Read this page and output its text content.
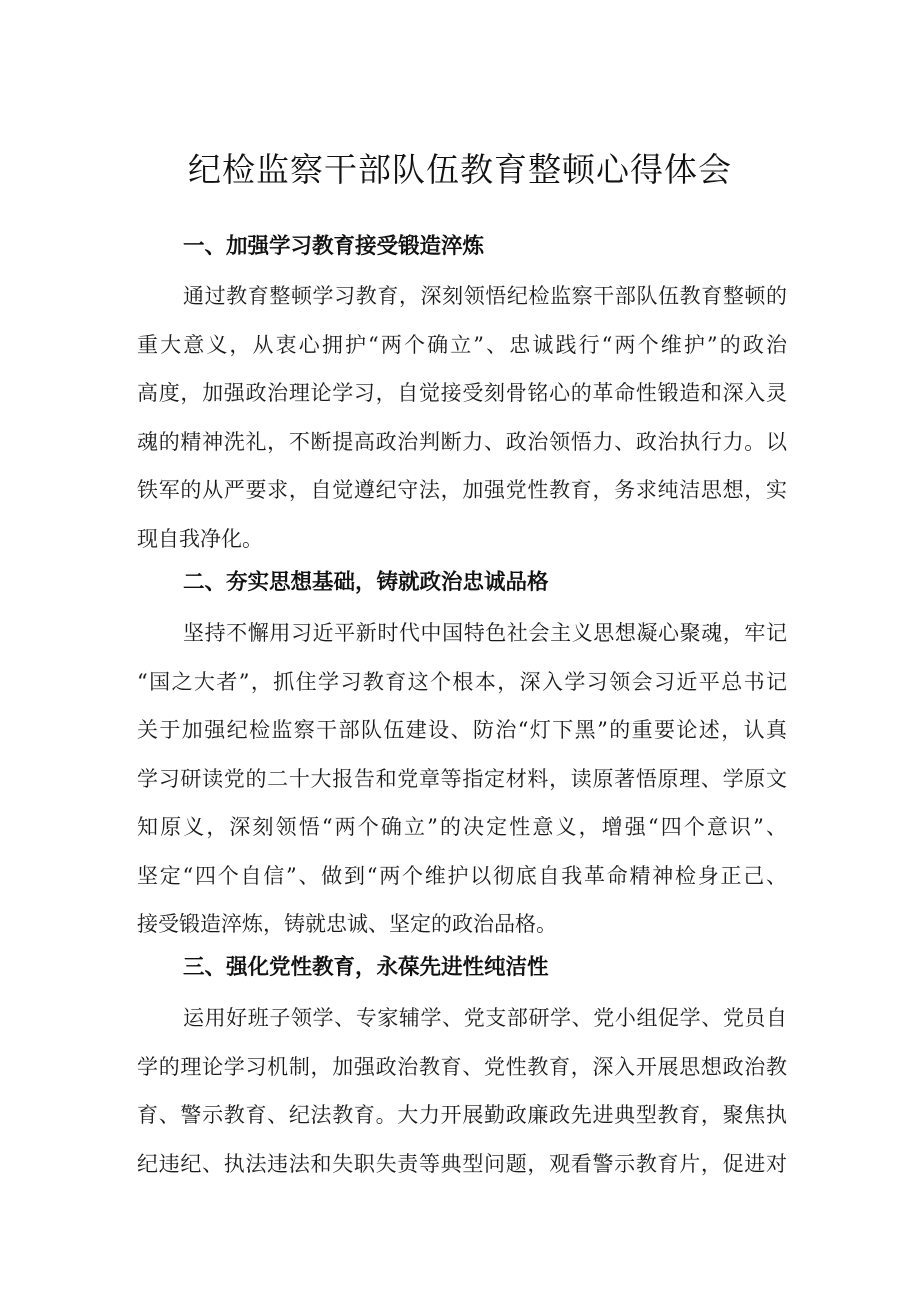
纪检监察干部队伍教育整顿心得体会
一、加强学习教育接受锻造淬炼

通过教育整顿学习教育，深刻领悟纪检监察干部队伍教育整顿的
重大意义，从衷心拥护“两个确立”、忠诚践行“两个维护”的政治
高度，加强政治理论学习，自觉接受刻骨铭心的革命性锻造和深入灵
魂的精神洗礼，不断提高政治判断力、政治领悟力、政治执行力。以
铁军的从严要求，自觉遵纪守法，加强党性教育，务求纯洁思想，实
现自我净化。

二、夯实思想基础，铸就政治忠诚品格

坚持不懈用习近平新时代中国特色社会主义思想凝心聚魂，牢记
“国之大者”，抓住学习教育这个根本，深入学习领会习近平总书记
关于加强纪检监察干部队伍建设、防治“灯下黑”的重要论述，认真
学习研读党的二十大报告和党章等指定材料，读原著悟原理、学原文
知原义，深刻领悟“两个确立”的决定性意义，增强“四个意识”、
坚定“四个自信”、做到“两个维护以彻底自我革命精神检身正己、
接受锻造淬炼，铸就忠诚、坚定的政治品格。

三、强化党性教育，永葆先进性纯洁性

运用好班子领学、专家辅学、党支部研学、党小组促学、党员自
学的理论学习机制，加强政治教育、党性教育，深入开展思想政治教
育、警示教育、纪法教育。大力开展勤政廉政先进典型教育，聚焦执
纪违纪、执法违法和失职失责等典型问题，观看警示教育片，促进对
